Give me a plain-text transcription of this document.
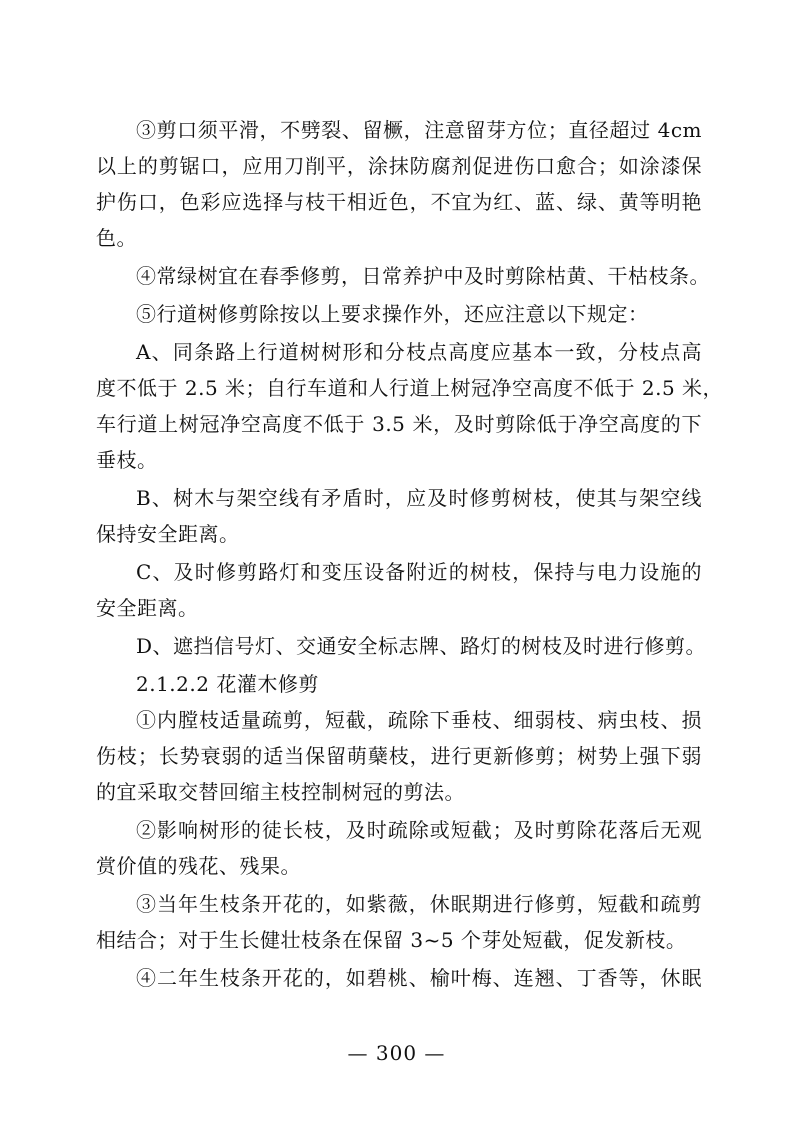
③剪口须平滑，不劈裂、留橛，注意留芽方位；直径超过 4cm
以上的剪锯口，应用刀削平，涂抹防腐剂促进伤口愈合；如涂漆保
护伤口，色彩应选择与枝干相近色，不宜为红、蓝、绿、黄等明艳
色。
④常绿树宜在春季修剪，日常养护中及时剪除枯黄、干枯枝条。
⑤行道树修剪除按以上要求操作外，还应注意以下规定：
A、同条路上行道树树形和分枝点高度应基本一致，分枝点高
度不低于 2.5 米；自行车道和人行道上树冠净空高度不低于 2.5 米，
车行道上树冠净空高度不低于 3.5 米，及时剪除低于净空高度的下
垂枝。
B、树木与架空线有矛盾时，应及时修剪树枝，使其与架空线
保持安全距离。
C、及时修剪路灯和变压设备附近的树枝，保持与电力设施的
安全距离。
D、遮挡信号灯、交通安全标志牌、路灯的树枝及时进行修剪。
2.1.2.2 花灌木修剪
①内膛枝适量疏剪，短截，疏除下垂枝、细弱枝、病虫枝、损
伤枝；长势衰弱的适当保留萌蘖枝，进行更新修剪；树势上强下弱
的宜采取交替回缩主枝控制树冠的剪法。
②影响树形的徒长枝，及时疏除或短截；及时剪除花落后无观
赏价值的残花、残果。
③当年生枝条开花的，如紫薇，休眠期进行修剪，短截和疏剪
相结合；对于生长健壮枝条在保留 3~5 个芽处短截，促发新枝。
④二年生枝条开花的，如碧桃、榆叶梅、连翘、丁香等，休眠
— 300 —
